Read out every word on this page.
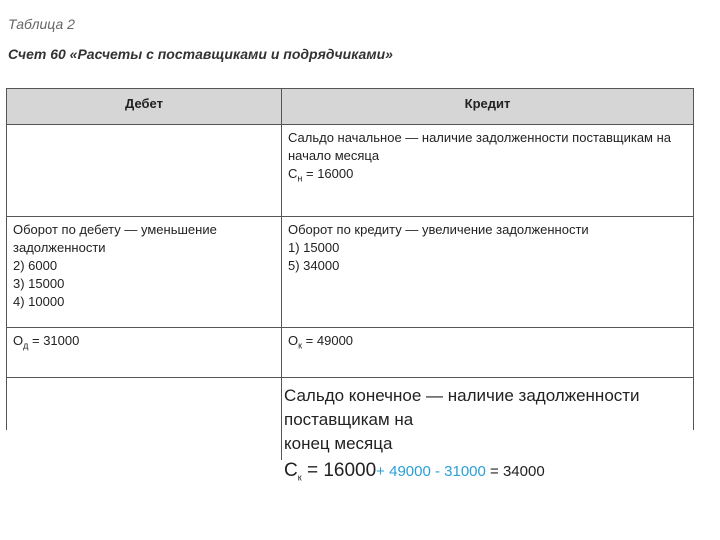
Таблица 2
Счет 60 «Расчеты с поставщиками и подрядчиками»
Дебет	Кредит
Сальдо начальное — наличие задолженности поставщикам на
начало месяца
$С_н = 16000$
Оборот по дебету — уменьшение
задолженности
2) 6000
3) 15000
4) 10000
Оборот по кредиту — увеличение задолженности
1) 15000
5) 34000
$О_д = 31000$	$О_к = 49000$
Сальдо конечное — наличие задолженности поставщикам на
конец месяца
$С_к = 16000+ 49000 - 31000 = 34000$
